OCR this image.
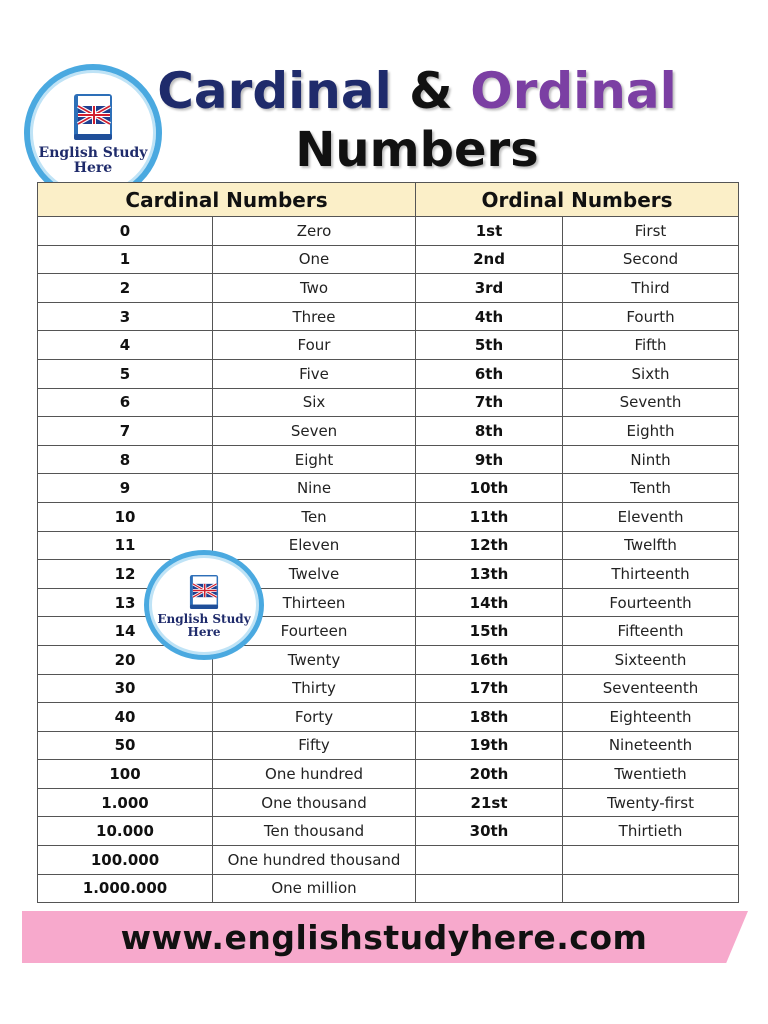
Cardinal & Ordinal
Numbers
English Study
Here
Cardinal Numbers		Ordinal Numbers	
0	Zero	1st	First
1	One	2nd	Second
2	Two	3rd	Third
3	Three	4th	Fourth
4	Four	5th	Fifth
5	Five	6th	Sixth
6	Six	7th	Seventh
7	Seven	8th	Eighth
8	Eight	9th	Ninth
9	Nine	10th	Tenth
10	Ten	11th	Eleventh
11	Eleven	12th	Twelfth
12	Twelve	13th	Thirteenth
13	Thirteen	14th	Fourteenth
14	Fourteen	15th	Fifteenth
20	Twenty	16th	Sixteenth
30	Thirty	17th	Seventeenth
40	Forty	18th	Eighteenth
50	Fifty	19th	Nineteenth
100	One hundred	20th	Twentieth
1.000	One thousand	21st	Twenty-first
10.000	Ten thousand	30th	Thirtieth
100.000	One hundred thousand		
1.000.000	One million		
English Study
Here
www.englishstudyhere.com
